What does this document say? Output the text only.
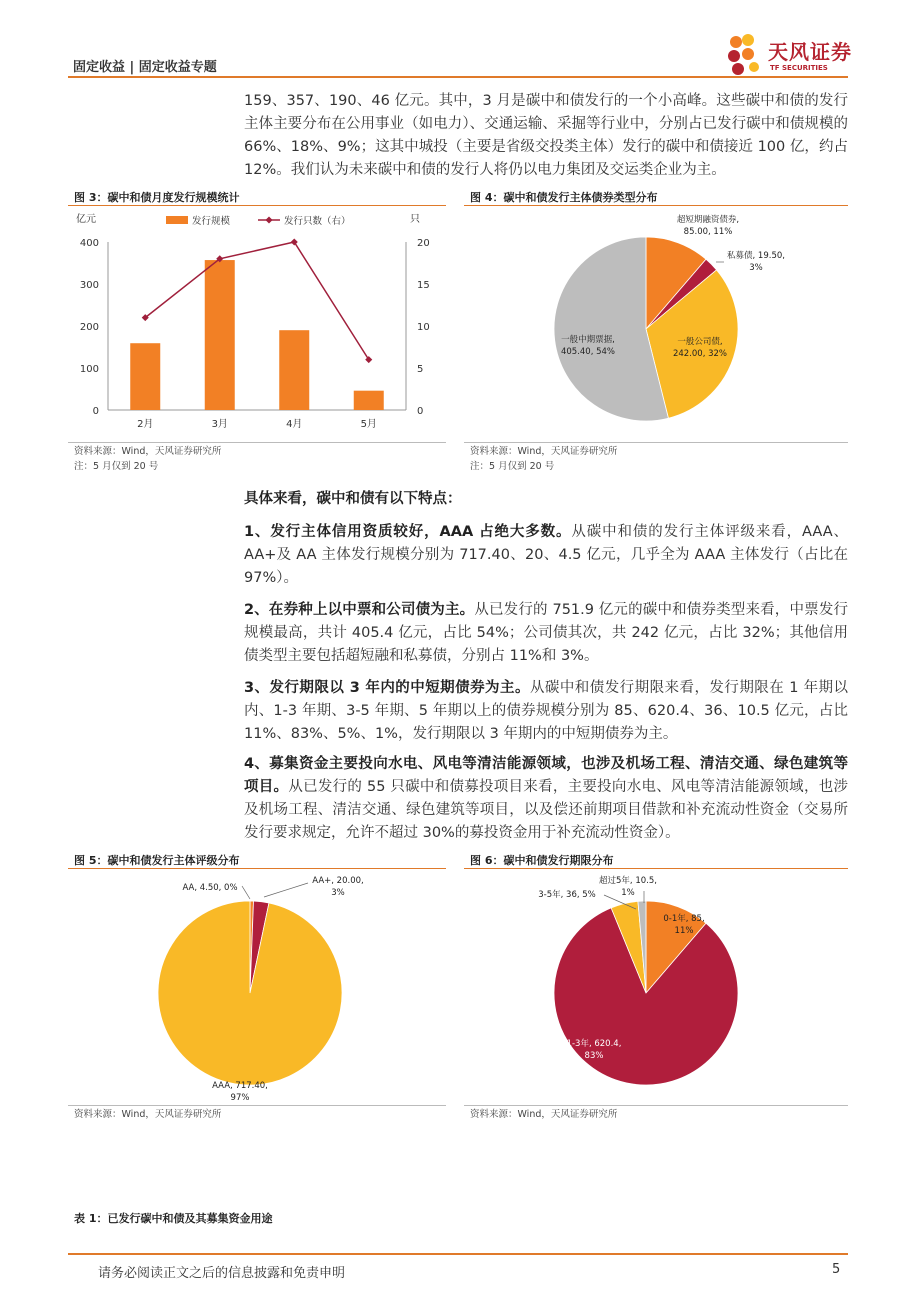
固定收益 | 固定收益专题
天风证券
TF SECURITIES
159、357、190、46 亿元。其中，3 月是碳中和债发行的一个小高峰。这些碳中和债的发行主体主要分布在公用事业（如电力）、交通运输、采掘等行业中，分别占已发行碳中和债规模的 66%、18%、9%；这其中城投（主要是省级交投类主体）发行的碳中和债接近 100 亿，约占 12%。我们认为未来碳中和债的发行人将仍以电力集团及交运类企业为主。
图 3：碳中和债月度发行规模统计
亿元	只
发行规模	发行只数（右）
400
300
200
100
0
20
15
10
5
0
2月	3月	4月	5月
资料来源：Wind，天风证券研究所
注：5 月仅到 20 号
图 4：碳中和债发行主体债券类型分布
超短期融资债券,
85.00, 11%
私募债, 19.50,
3%
一般公司债,
242.00, 32%
一般中期票据,
405.40, 54%
资料来源：Wind，天风证券研究所
注：5 月仅到 20 号
具体来看，碳中和债有以下特点：
1、发行主体信用资质较好，AAA 占绝大多数。从碳中和债的发行主体评级来看，AAA、AA+及 AA 主体发行规模分别为 717.40、20、4.5 亿元，几乎全为 AAA 主体发行（占比在 97%）。
2、在券种上以中票和公司债为主。从已发行的 751.9 亿元的碳中和债券类型来看，中票发行规模最高，共计 405.4 亿元，占比 54%；公司债其次，共 242 亿元，占比 32%；其他信用债类型主要包括超短融和私募债，分别占 11%和 3%。
3、发行期限以 3 年内的中短期债券为主。从碳中和债发行期限来看，发行期限在 1 年期以内、1-3 年期、3-5 年期、5 年期以上的债券规模分别为 85、620.4、36、10.5 亿元，占比 11%、83%、5%、1%，发行期限以 3 年期内的中短期债券为主。
4、募集资金主要投向水电、风电等清洁能源领域，也涉及机场工程、清洁交通、绿色建筑等项目。从已发行的 55 只碳中和债募投项目来看，主要投向水电、风电等清洁能源领域，也涉及机场工程、清洁交通、绿色建筑等项目，以及偿还前期项目借款和补充流动性资金（交易所发行要求规定，允许不超过 30%的募投资金用于补充流动性资金）。
图 5：碳中和债发行主体评级分布
AA, 4.50, 0%
AA+, 20.00,
3%
AAA, 717.40,
97%
资料来源：Wind，天风证券研究所
图 6：碳中和债发行期限分布
0-1年, 85,
11%
1-3年, 620.4,
83%
3-5年, 36, 5%
超过5年, 10.5,
1%
资料来源：Wind，天风证券研究所
表 1：已发行碳中和债及其募集资金用途
请务必阅读正文之后的信息披露和免责申明	5
